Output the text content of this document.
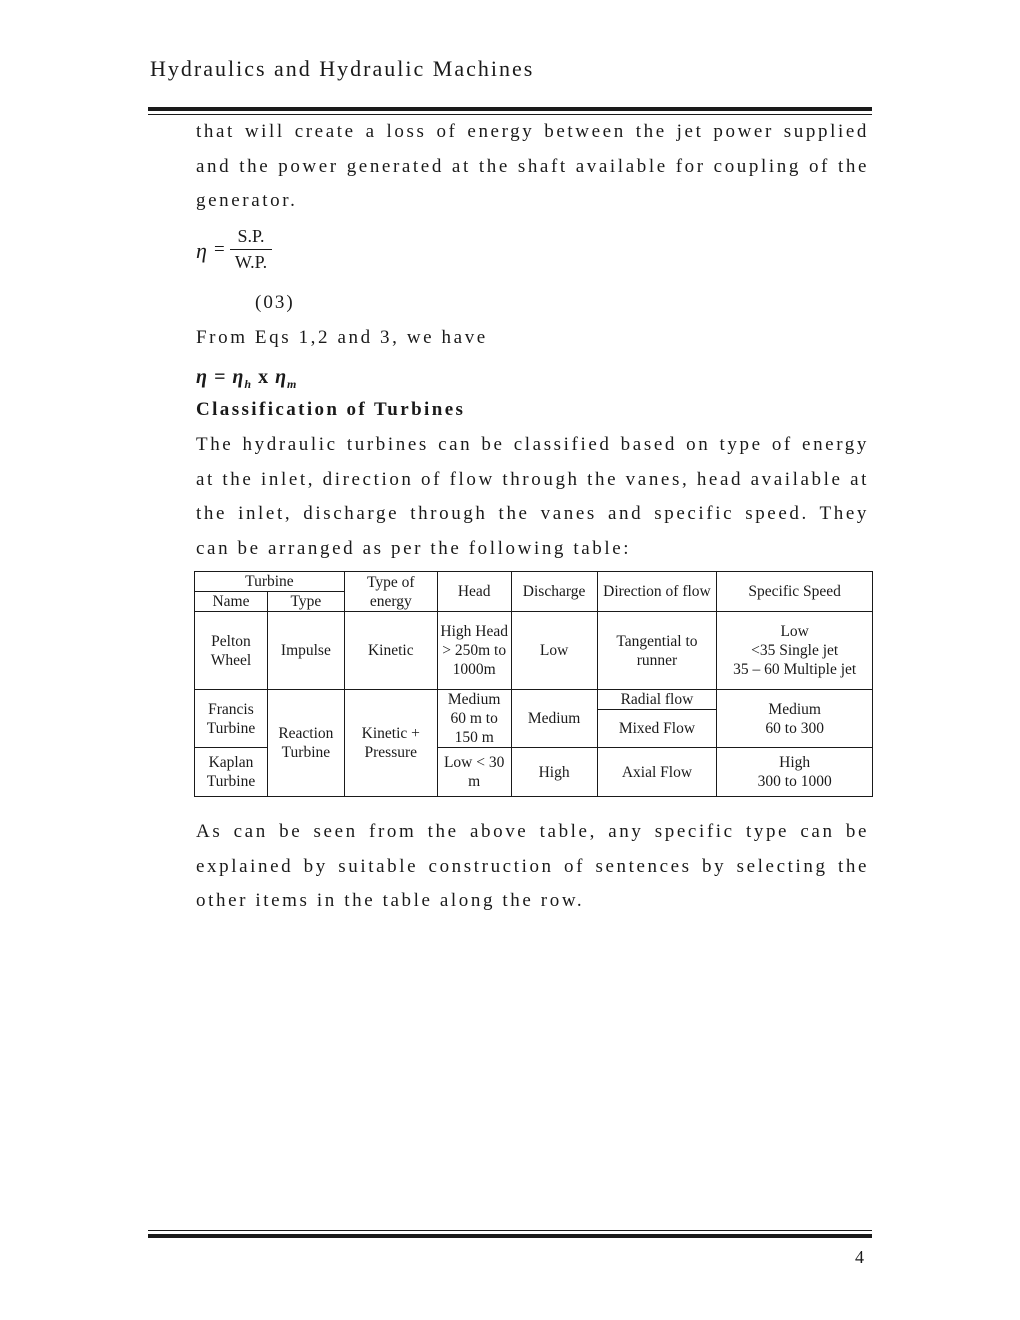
Hydraulics and Hydraulic Machines
that will create a loss of energy between the jet power supplied and the power generated at the shaft available for coupling of the generator.
$\eta = \frac{S.P.}{W.P.}$
(03)
From Eqs 1,2 and 3, we have
$\eta = \eta_h$ x $\eta_m$
Classification of Turbines
The hydraulic turbines can be classified based on type of energy at the inlet, direction of flow through the vanes, head available at the inlet, discharge through the vanes and specific speed. They can be arranged as per the following table:
Turbine		Type of energy	Head	Discharge	Direction of flow	Specific Speed
Name	Type					
Pelton Wheel	Impulse	Kinetic	High Head > 250m to 1000m	Low	Tangential to runner	Low
<35 Single jet
35 – 60 Multiple jet

Francis Turbine	Reaction Turbine	Kinetic + Pressure	Medium 60 m to 150 m	Medium	Radial flow	Medium
60 to 300

					Mixed Flow	
Kaplan Turbine			Low < 30 m	High	Axial Flow	High
300 to 1000
As can be seen from the above table, any specific type can be explained by suitable construction of sentences by selecting the other items in the table along the row.
4
